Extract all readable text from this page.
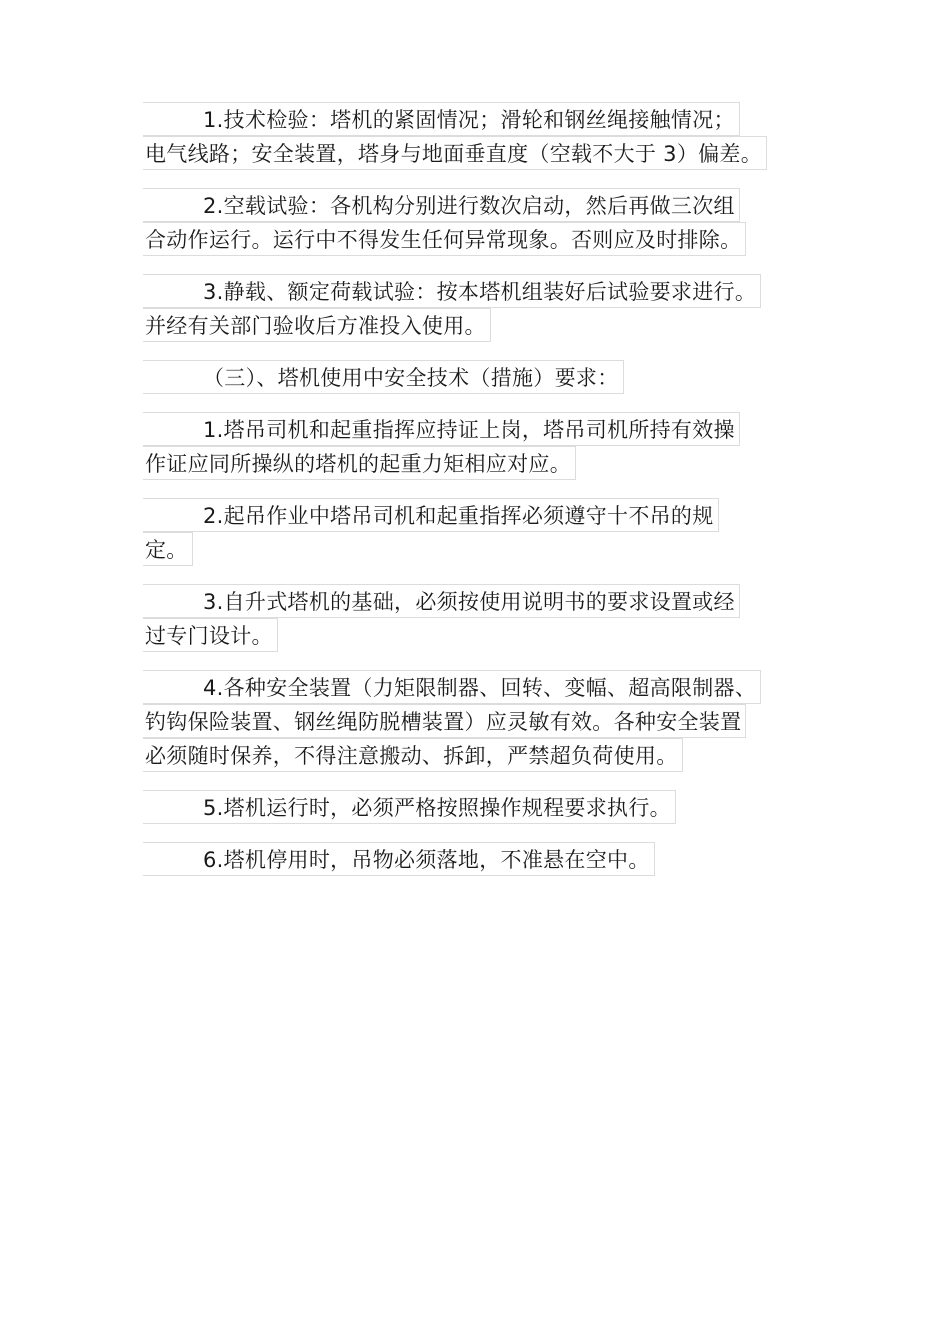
1.技术检验：塔机的紧固情况；滑轮和钢丝绳接触情况；
电气线路；安全装置，塔身与地面垂直度（空载不大于 3）偏差。
2.空载试验：各机构分别进行数次启动，然后再做三次组
合动作运行。运行中不得发生任何异常现象。否则应及时排除。
3.静载、额定荷载试验：按本塔机组装好后试验要求进行。
并经有关部门验收后方准投入使用。
（三）、塔机使用中安全技术（措施）要求：
1.塔吊司机和起重指挥应持证上岗，塔吊司机所持有效操
作证应同所操纵的塔机的起重力矩相应对应。
2.起吊作业中塔吊司机和起重指挥必须遵守十不吊的规
定。
3.自升式塔机的基础，必须按使用说明书的要求设置或经
过专门设计。
4.各种安全装置（力矩限制器、回转、变幅、超高限制器、
钓钩保险装置、钢丝绳防脱槽装置）应灵敏有效。各种安全装置
必须随时保养，不得注意搬动、拆卸，严禁超负荷使用。
5.塔机运行时，必须严格按照操作规程要求执行。
6.塔机停用时，吊物必须落地，不准悬在空中。
